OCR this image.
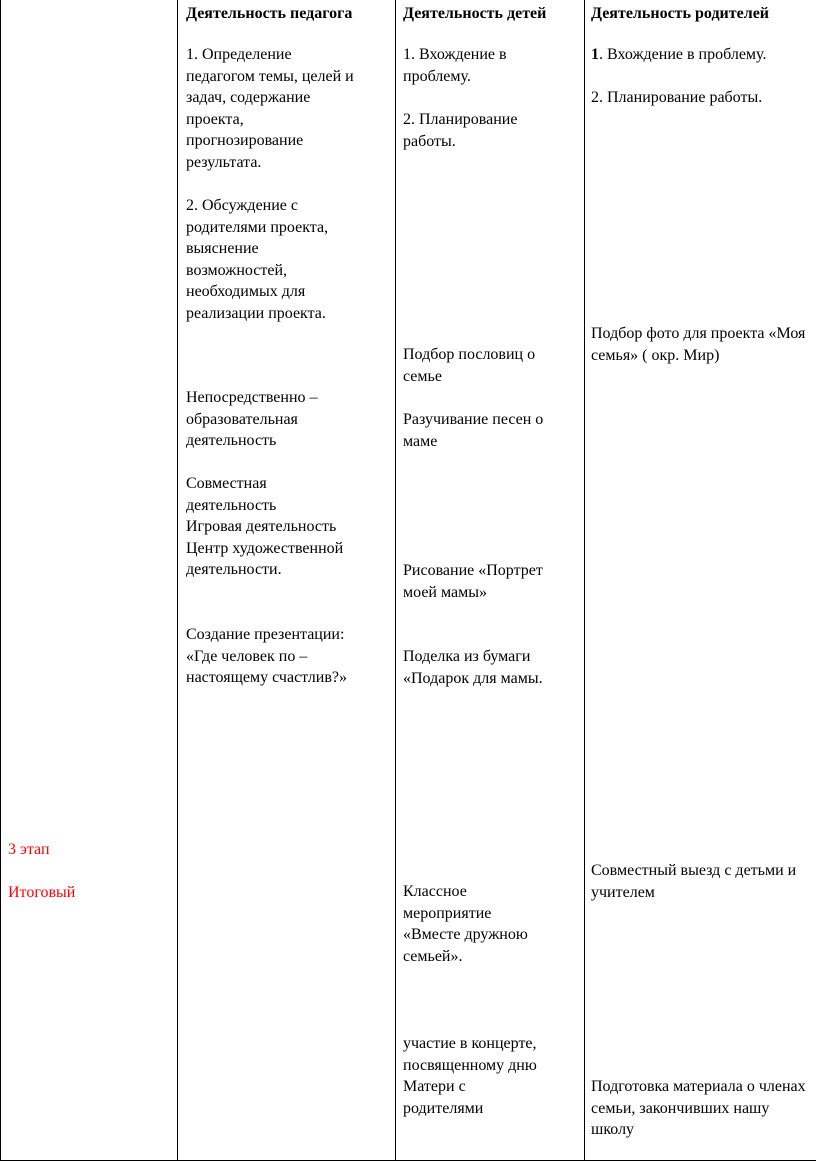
3 этап

Итоговый

Деятельность педагога	Деятельность детей
1. Определение
педагогом темы, целей и
задач, содержание
проекта,
прогнозирование
результата.
2. Обсуждение с
родителями проекта,
выяснение
возможностей,
необходимых для
реализации проекта.
Непосредственно –
образовательная
деятельность
Совместная
деятельность
Игровая деятельность
Центр художественной
деятельности.
Создание презентации:
«Где человек по –
настоящему счастлив?»
1. Вхождение в
проблему.
2. Планирование
работы.
Подбор пословиц о
семье
Разучивание песен о
маме
Рисование «Портрет
моей мамы»
Поделка из бумаги
«Подарок для мамы.
Классное
мероприятие
«Вместе дружною
семьей».
участие в концерте,
посвященному дню
Матери с
родителями
Деятельность родителей
1. Вхождение в проблему.
2. Планирование работы.
Подбор фото для проекта «Моя
семья» ( окр. Мир)
Совместный выезд с детьми и
учителем
Подготовка материала о членах
семьи, закончивших нашу
школу
